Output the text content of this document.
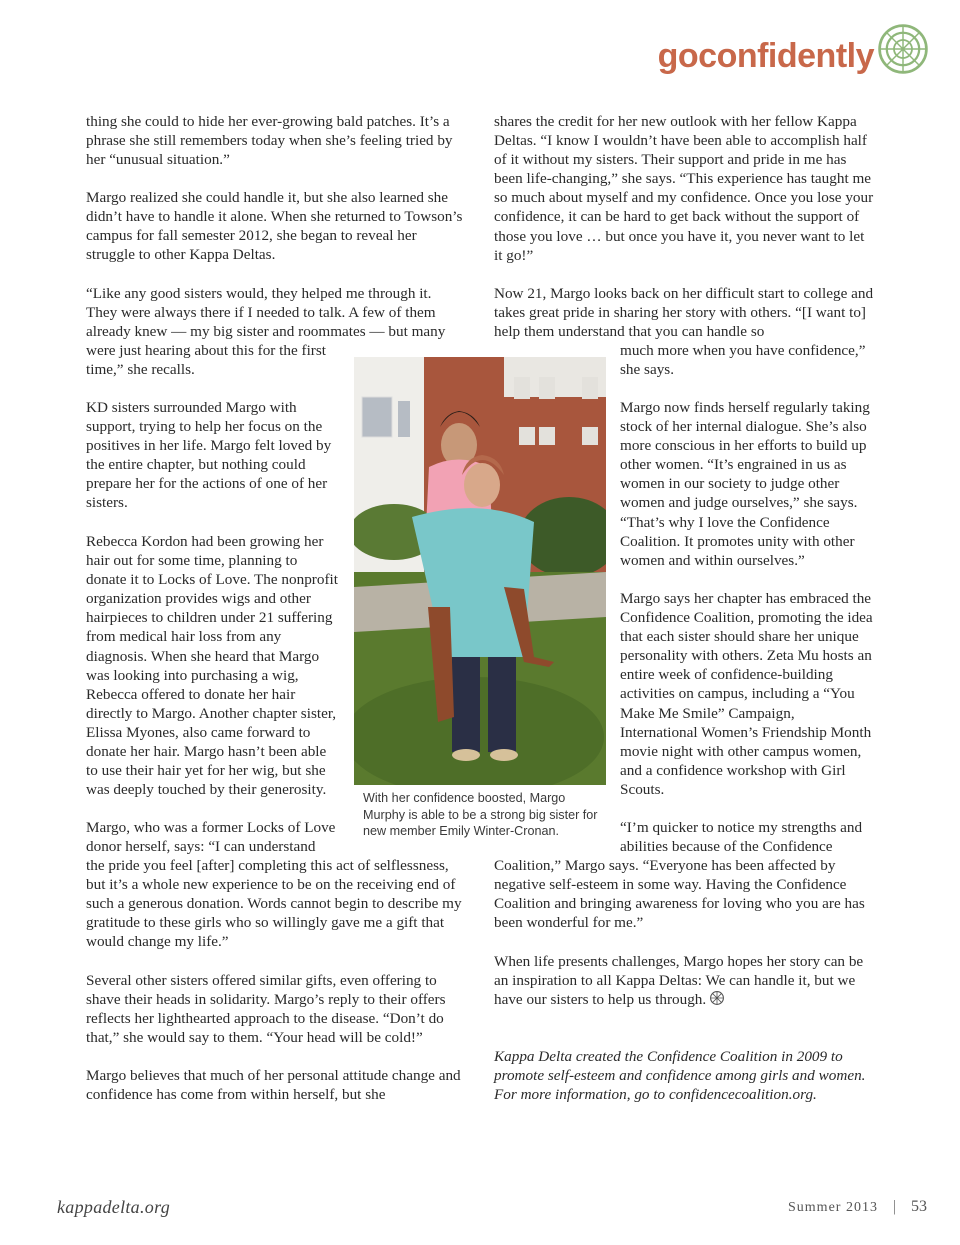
go confidently

thing she could to hide her ever-growing bald patches. It’s a phrase she still remembers today when she’s feeling tried by her “unusual situation.”

Margo realized she could handle it, but she also learned she didn’t have to handle it alone. When she returned to Towson’s campus for fall semester 2012, she began to reveal her struggle to other Kappa Deltas.

“Like any good sisters would, they helped me through it. They were always there if I needed to talk. A few of them already knew — my big sister and roommates — but many

were just hearing about this for the first time,” she recalls.

KD sisters surrounded Margo with support, trying to help her focus on the positives in her life. Margo felt loved by the entire chapter, but nothing could prepare her for the actions of one of her sisters.

Rebecca Kordon had been growing her hair out for some time, planning to donate it to Locks of Love. The nonprofit organization provides wigs and other hairpieces to children under 21 suffering from medical hair loss from any diagnosis. When she heard that Margo was looking into purchasing a wig, Rebecca offered to donate her hair directly to Margo. Another chapter sister, Elissa Myones, also came forward to donate her hair. Margo hasn’t been able to use their hair yet for her wig, but she was deeply touched by their generosity.

Margo, who was a former Locks of Love donor herself, says: “I can understand

the pride you feel [after] completing this act of selflessness, but it’s a whole new experience to be on the receiving end of such a generous donation. Words cannot begin to describe my gratitude to these girls who so willingly gave me a gift that would change my life.”

Several other sisters offered similar gifts, even offering to shave their heads in solidarity. Margo’s reply to their offers reflects her lighthearted approach to the disease. “Don’t do that,” she would say to them. “Your head will be cold!”

Margo believes that much of her personal attitude change and confidence has come from within herself, but she

With her confidence boosted, Margo Murphy is able to be a strong big sister for new member Emily Winter-Cronan.

shares the credit for her new outlook with her fellow Kappa Deltas. “I know I wouldn’t have been able to accomplish half of it without my sisters. Their support and pride in me has been life-changing,” she says. “This experience has taught me so much about myself and my confidence. Once you lose your confidence, it can be hard to get back without the support of those you love … but once you have it, you never want to let it go!”

Now 21, Margo looks back on her difficult start to college and takes great pride in sharing her story with others. “[I want to] help them understand that you can handle so

much more when you have confidence,” she says.

Margo now finds herself regularly taking stock of her internal dialogue. She’s also more conscious in her efforts to build up other women. “It’s engrained in us as women in our society to judge other women and judge ourselves,” she says. “That’s why I love the Confidence Coalition. It promotes unity with other women and within ourselves.”

Margo says her chapter has embraced the Confidence Coalition, promoting the idea that each sister should share her unique personality with others. Zeta Mu hosts an entire week of confidence-building activities on campus, including a “You Make Me Smile” Campaign, International Women’s Friendship Month movie night with other campus women, and a confidence workshop with Girl Scouts.

“I’m quicker to notice my strengths and abilities because of the Confidence

Coalition,” Margo says. “Everyone has been affected by negative self-esteem in some way. Having the Confidence Coalition and bringing awareness for loving who you are has been wonderful for me.”

When life presents challenges, Margo hopes her story can be an inspiration to all Kappa Deltas: We can handle it, but we have our sisters to help us through.

Kappa Delta created the Confidence Coalition in 2009 to promote self-esteem and confidence among girls and women. For more information, go to confidencecoalition.org.

kappadelta.org	Summer 2013 | 53
